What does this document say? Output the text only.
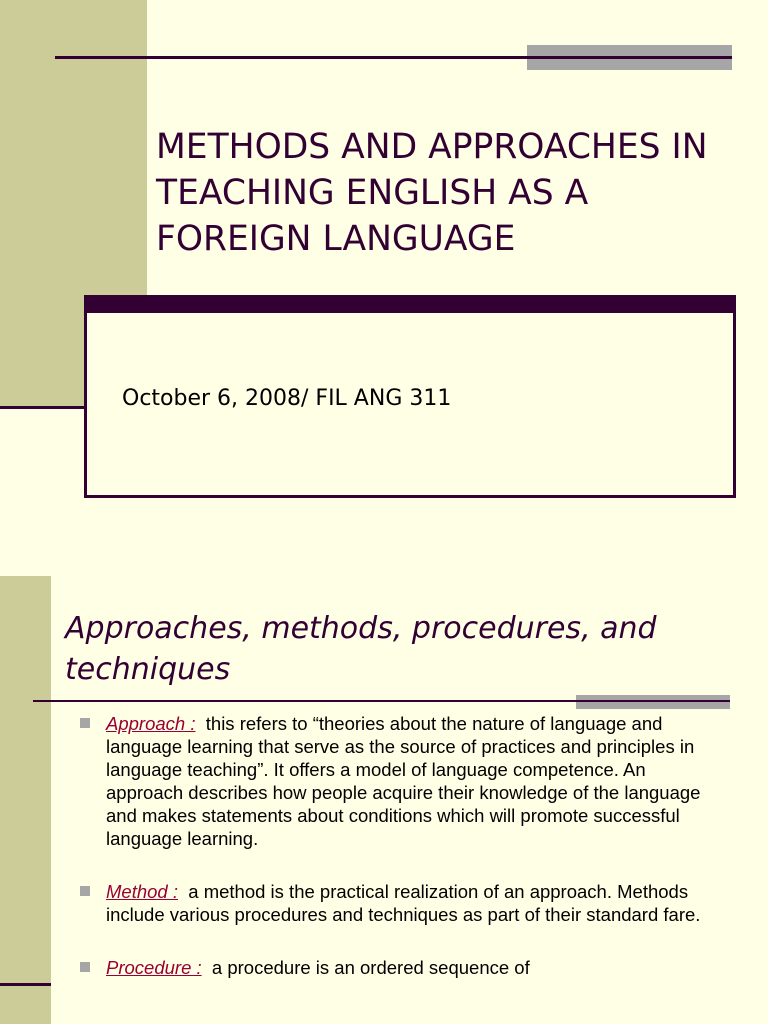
METHODS AND APPROACHES IN TEACHING ENGLISH AS A FOREIGN LANGUAGE

October 6, 2008/ FIL ANG 311

Approaches, methods, procedures, and techniques
Approach : this refers to “theories about the nature of language and language learning that serve as the source of practices and principles in language teaching”. It offers a model of language competence. An approach describes how people acquire their knowledge of the language and makes statements about conditions which will promote successful language learning.
Method : a method is the practical realization of an approach. Methods include various procedures and techniques as part of their standard fare.
Procedure : a procedure is an ordered sequence of
